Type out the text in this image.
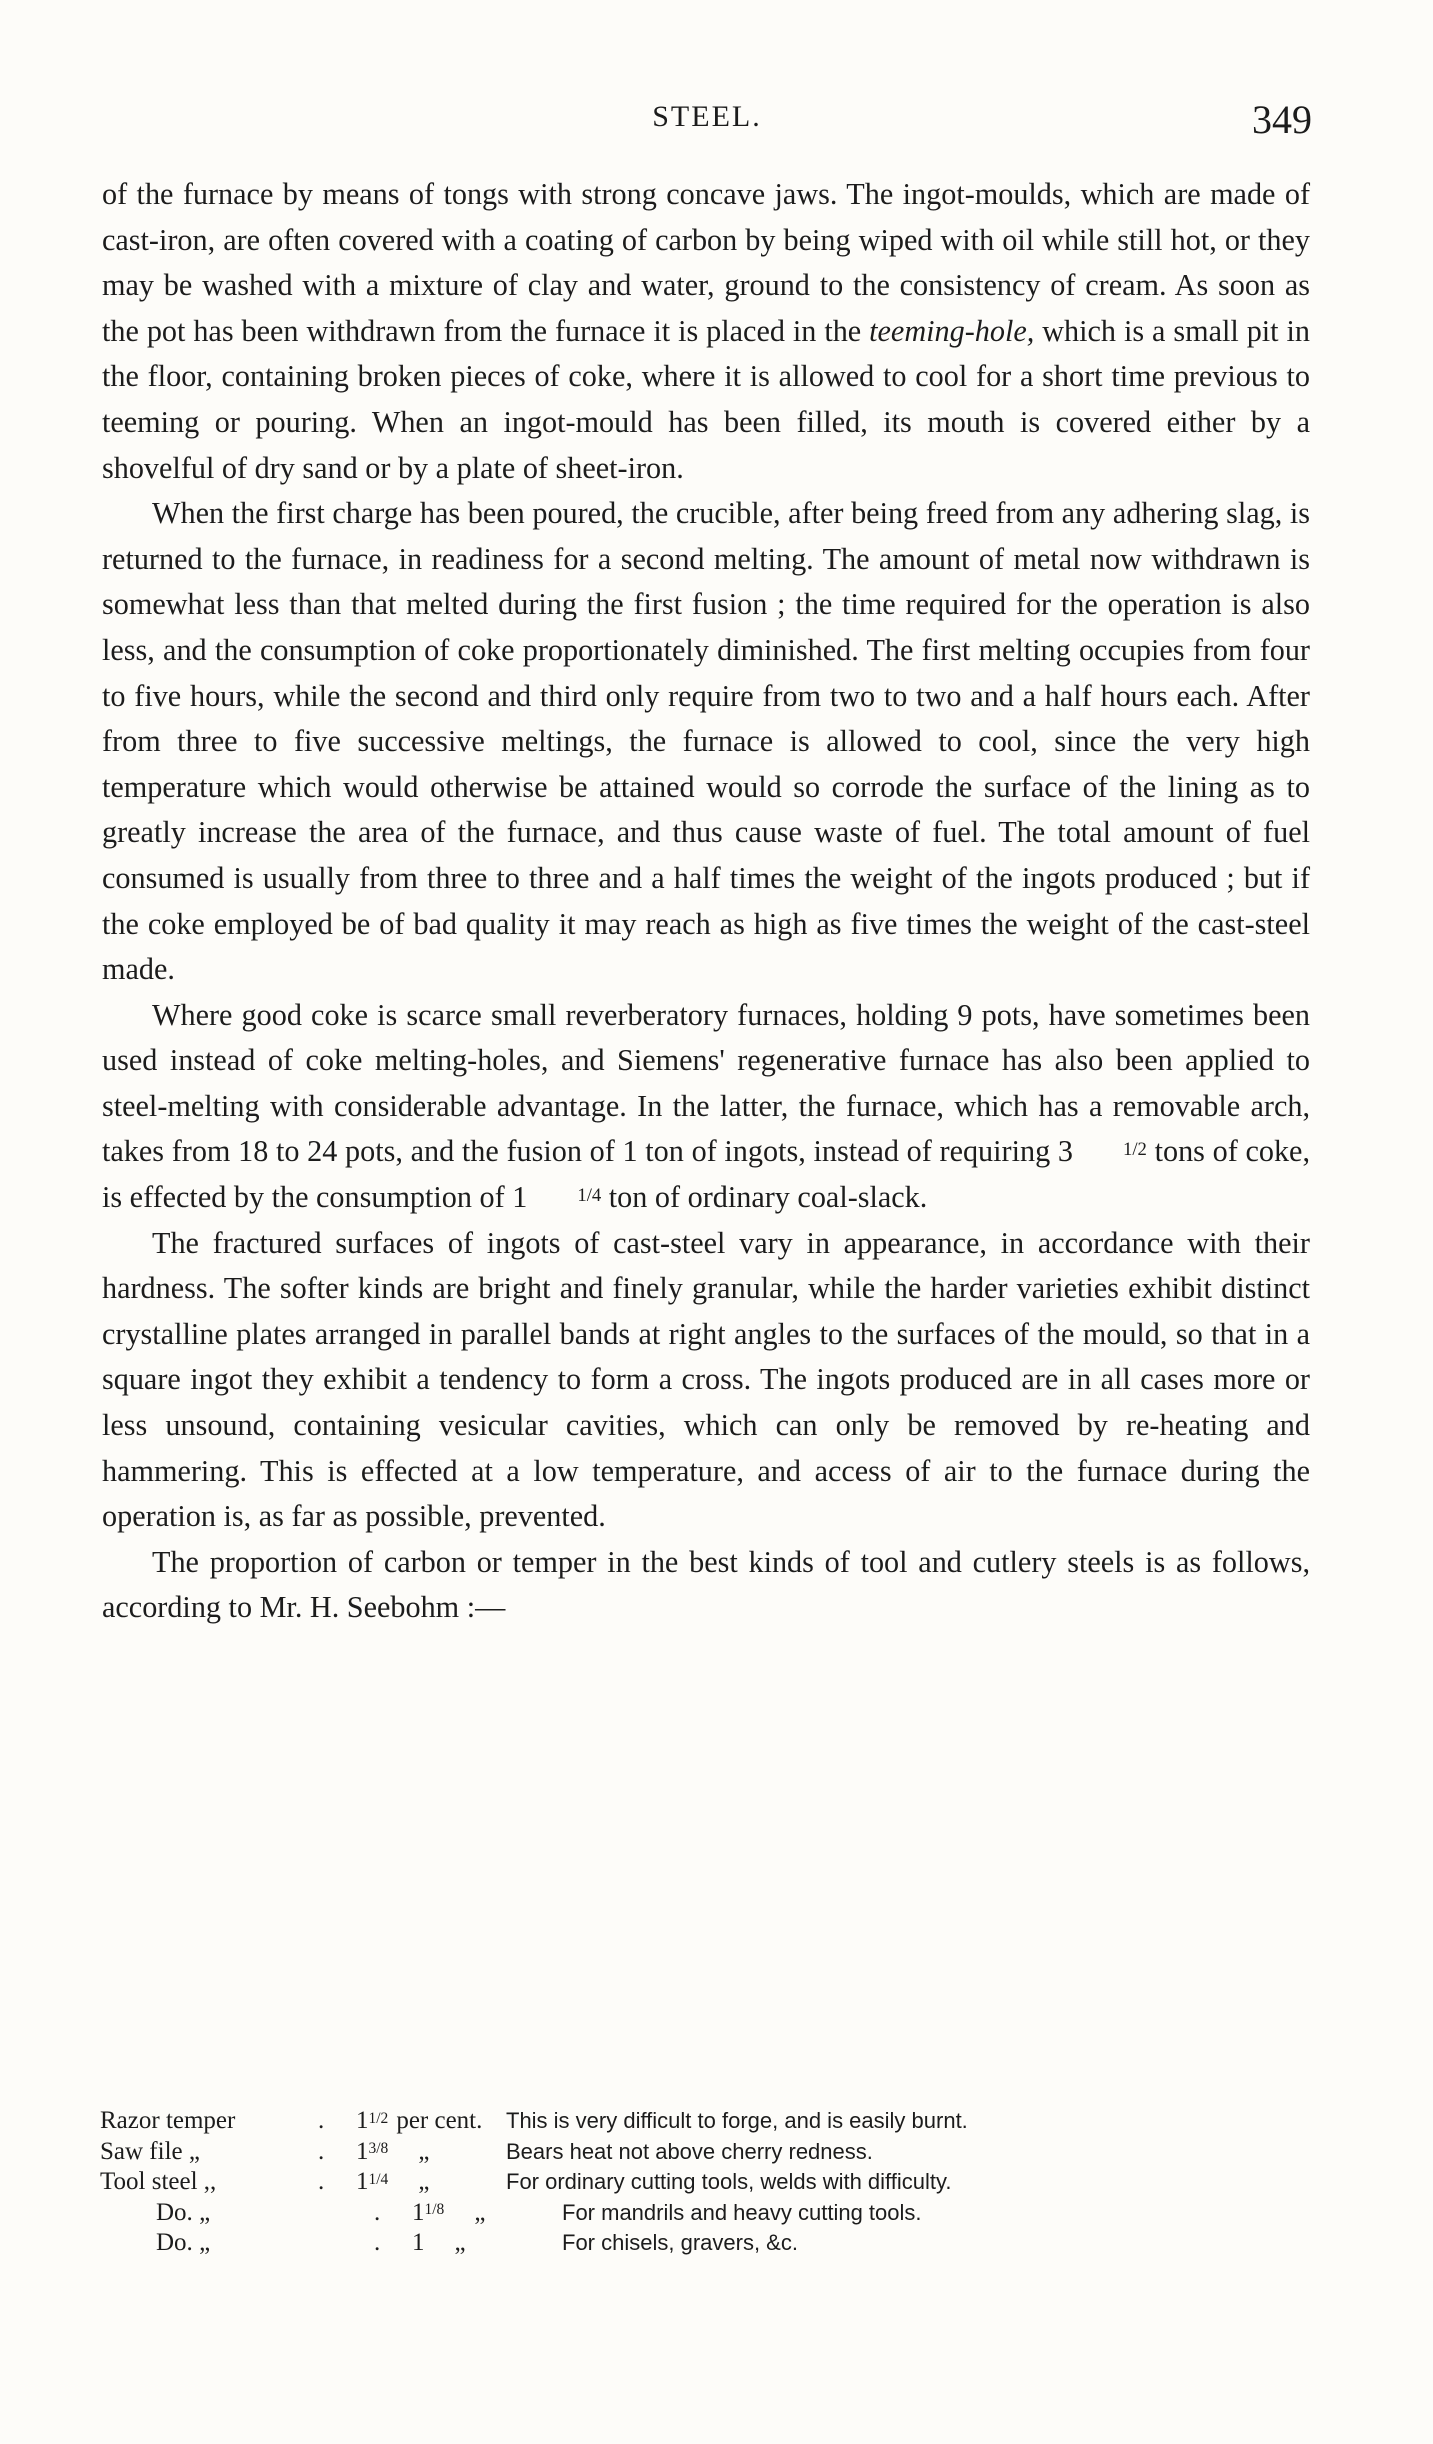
STEEL.	349

of the furnace by means of tongs with strong concave jaws. The ingot-moulds, which are made of cast-iron, are often covered with a coating of carbon by being wiped with oil while still hot, or they may be washed with a mixture of clay and water, ground to the consistency of cream. As soon as the pot has been withdrawn from the furnace it is placed in the teeming-hole, which is a small pit in the floor, containing broken pieces of coke, where it is allowed to cool for a short time previous to teeming or pouring. When an ingot-mould has been filled, its mouth is covered either by a shovelful of dry sand or by a plate of sheet-iron.

When the first charge has been poured, the crucible, after being freed from any adhering slag, is returned to the furnace, in readiness for a second melting. The amount of metal now withdrawn is somewhat less than that melted during the first fusion ; the time required for the operation is also less, and the consumption of coke proportionately diminished. The first melting occupies from four to five hours, while the second and third only require from two to two and a half hours each. After from three to five successive meltings, the furnace is allowed to cool, since the very high temperature which would otherwise be attained would so corrode the surface of the lining as to greatly increase the area of the furnace, and thus cause waste of fuel. The total amount of fuel consumed is usually from three to three and a half times the weight of the ingots produced ; but if the coke employed be of bad quality it may reach as high as five times the weight of the cast-steel made.

Where good coke is scarce small reverberatory furnaces, holding 9 pots, have sometimes been used instead of coke melting-holes, and Siemens' regenerative furnace has also been applied to steel-melting with considerable advantage. In the latter, the furnace, which has a removable arch, takes from 18 to 24 pots, and the fusion of 1 ton of ingots, instead of requiring 3	1/2 tons of coke, is effected by the consumption of 1	1/4 ton of ordinary coal-slack.

The fractured surfaces of ingots of cast-steel vary in appearance, in accordance with their hardness. The softer kinds are bright and finely granular, while the harder varieties exhibit distinct crystalline plates arranged in parallel bands at right angles to the surfaces of the mould, so that in a square ingot they exhibit a tendency to form a cross. The ingots produced are in all cases more or less unsound, containing vesicular cavities, which can only be removed by re-heating and hammering. This is effected at a low temperature, and access of air to the furnace during the operation is, as far as possible, prevented.

The proportion of carbon or temper in the best kinds of tool and cutlery steels is as follows, according to Mr. H. Seebohm :—

Razor temper	.	11/2 per cent.	This is very difficult to forge, and is easily burnt.
Saw file „	.	13/8 „	Bears heat not above cherry redness.
Tool steel ,,	.	11/4 „	For ordinary cutting tools, welds with difficulty.
Do. „	.	11/8 „	For mandrils and heavy cutting tools.
Do. „	.	1 „	For chisels, gravers, &c.
